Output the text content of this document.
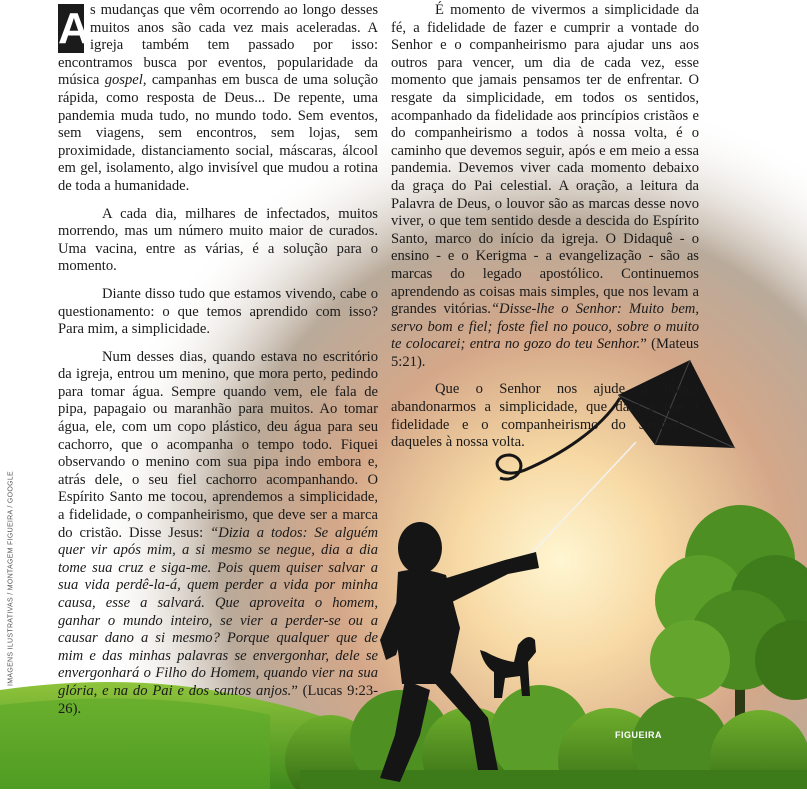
A s mudanças que vêm ocorrendo ao longo desses muitos anos são cada vez mais aceleradas. A igreja também tem passado por isso: encontramos busca por eventos, popularidade da música gospel, campanhas em busca de uma solução rápida, como resposta de Deus... De repente, uma pandemia muda tudo, no mundo todo. Sem eventos, sem viagens, sem encontros, sem lojas, sem proximidade, distanciamento social, máscaras, álcool em gel, isolamento, algo invisível que mudou a rotina de toda a humanidade.

A cada dia, milhares de infectados, muitos morrendo, mas um número muito maior de curados. Uma vacina, entre as várias, é a solução para o momento.

Diante disso tudo que estamos vivendo, cabe o questionamento: o que temos aprendido com isso? Para mim, a simplicidade.

Num desses dias, quando estava no escritório da igreja, entrou um menino, que mora perto, pedindo para tomar água. Sempre quando vem, ele fala de pipa, papagaio ou maranhão para muitos. Ao tomar água, ele, com um copo plástico, deu água para seu cachorro, que o acompanha o tempo todo. Fiquei observando o menino com sua pipa indo embora e, atrás dele, o seu fiel cachorro acompanhando. O Espírito Santo me tocou, aprendemos a simplicidade, a fidelidade, o companheirismo, que deve ser a marca do cristão. Disse Jesus: “Dizia a todos: Se alguém quer vir após mim, a si mesmo se negue, dia a dia tome sua cruz e siga-me. Pois quem quiser salvar a sua vida perdê-la-á, quem perder a vida por minha causa, esse a salvará. Que aproveita o homem, ganhar o mundo inteiro, se vier a perder-se ou a causar dano a si mesmo? Porque qualquer que de mim e das minhas palavras se envergonhar, dele se envergonhará o Filho do Homem, quando vier na sua glória, e na do Pai e dos santos anjos.” (Lucas 9:23-26).

É momento de vivermos a simplicidade da fé, a fidelidade de fazer e cumprir a vontade do Senhor e o companheirismo para ajudar uns aos outros para vencer, um dia de cada vez, esse momento que jamais pensamos ter de enfrentar. O resgate da simplicidade, em todos os sentidos, acompanhado da fidelidade aos princípios cristãos e do companheirismo a todos à nossa volta, é o caminho que devemos seguir, após e em meio a essa pandemia. Devemos viver cada momento debaixo da graça do Pai celestial. A oração, a leitura da Palavra de Deus, o louvor são as marcas desse novo viver, o que tem sentido desde a descida do Espírito Santo, marco do início da igreja. O Didaquê - o ensino - e o Kerigma - a evangelização - são as marcas do legado apostólico. Continuemos aprendendo as coisas mais simples, que nos levam a grandes vitórias.“Disse-lhe o Senhor: Muito bem, servo bom e fiel; foste fiel no pouco, sobre o muito te colocarei; entra no gozo do teu Senhor.” (Mateus 5:21).

Que o Senhor nos ajude a nunca abandonarmos a simplicidade, que dará a nós a fidelidade e o companheirismo do Senhor e daqueles à nossa volta.

IMAGENS ILUSTRATIVAS / MONTAGEM FIGUEIRA / GOOGLE
FIGUEIRA
